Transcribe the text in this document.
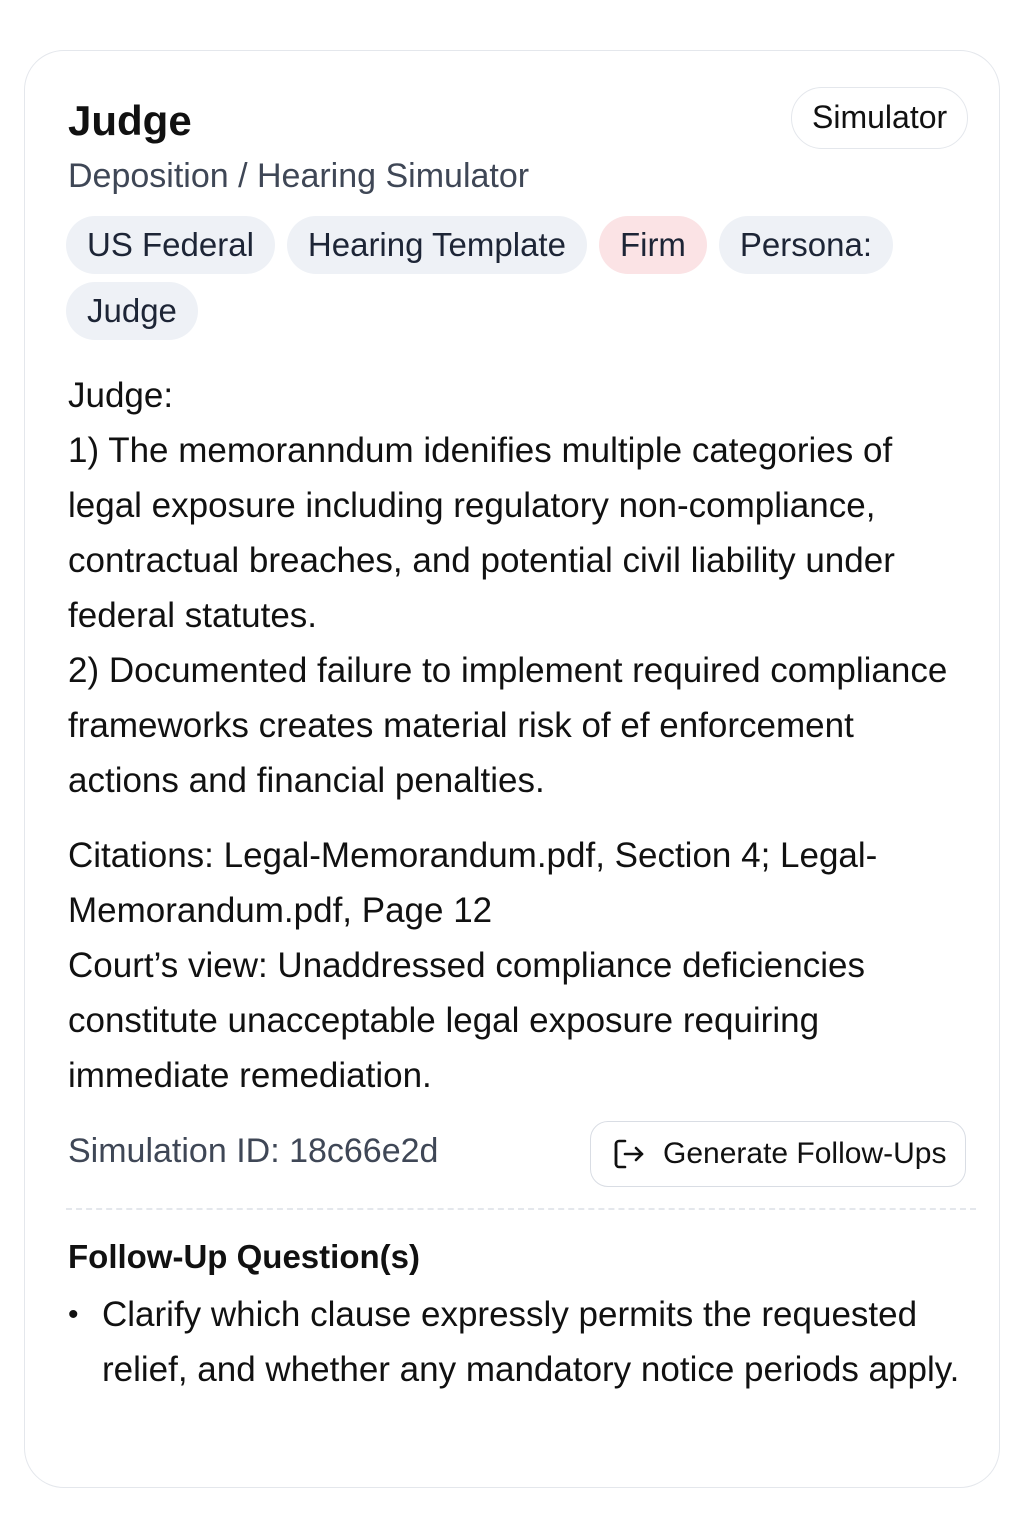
Judge
Deposition / Hearing Simulator
Simulator
US Federal	Hearing Template	Firm	Persona:
Judge

Judge:

1) The memoranndum idenifies multiple categories of legal exposure including regulatory non-compliance, contractual breaches, and potential civil liability under federal statutes.

2) Documented failure to implement required compliance frameworks creates material risk of ef enforcement actions and financial penalties.

Citations: Legal-Memorandum.pdf, Section 4; Legal-Memorandum.pdf, Page 12

Court’s view: Unaddressed compliance deficiencies constitute unacceptable legal exposure requiring immediate remediation.

Simulation ID: 18c66e2d	Generate Follow-Ups
Follow-Up Question(s)
• Clarify which clause expressly permits the requested relief, and whether any mandatory notice periods apply.
